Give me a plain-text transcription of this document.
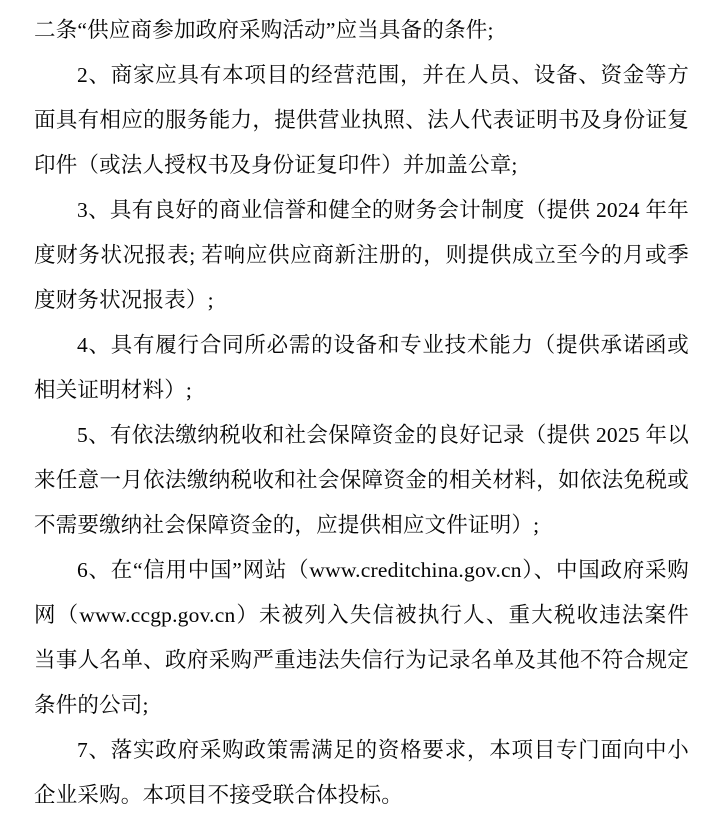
二条“供应商参加政府采购活动”应当具备的条件;

2、商家应具有本项目的经营范围，并在人员、设备、资金等方面具有相应的服务能力，提供营业执照、法人代表证明书及身份证复印件（或法人授权书及身份证复印件）并加盖公章;

3、具有良好的商业信誉和健全的财务会计制度（提供 2024 年年度财务状况报表; 若响应供应商新注册的，则提供成立至今的月或季度财务状况报表）;

4、具有履行合同所必需的设备和专业技术能力（提供承诺函或相关证明材料）;

5、有依法缴纳税收和社会保障资金的良好记录（提供 2025 年以来任意一月依法缴纳税收和社会保障资金的相关材料，如依法免税或不需要缴纳社会保障资金的，应提供相应文件证明）;

6、在“信用中国”网站（www.creditchina.gov.cn）、中国政府采购网（www.ccgp.gov.cn）未被列入失信被执行人、重大税收违法案件当事人名单、政府采购严重违法失信行为记录名单及其他不符合规定条件的公司;

7、落实政府采购政策需满足的资格要求，本项目专门面向中小企业采购。本项目不接受联合体投标。
